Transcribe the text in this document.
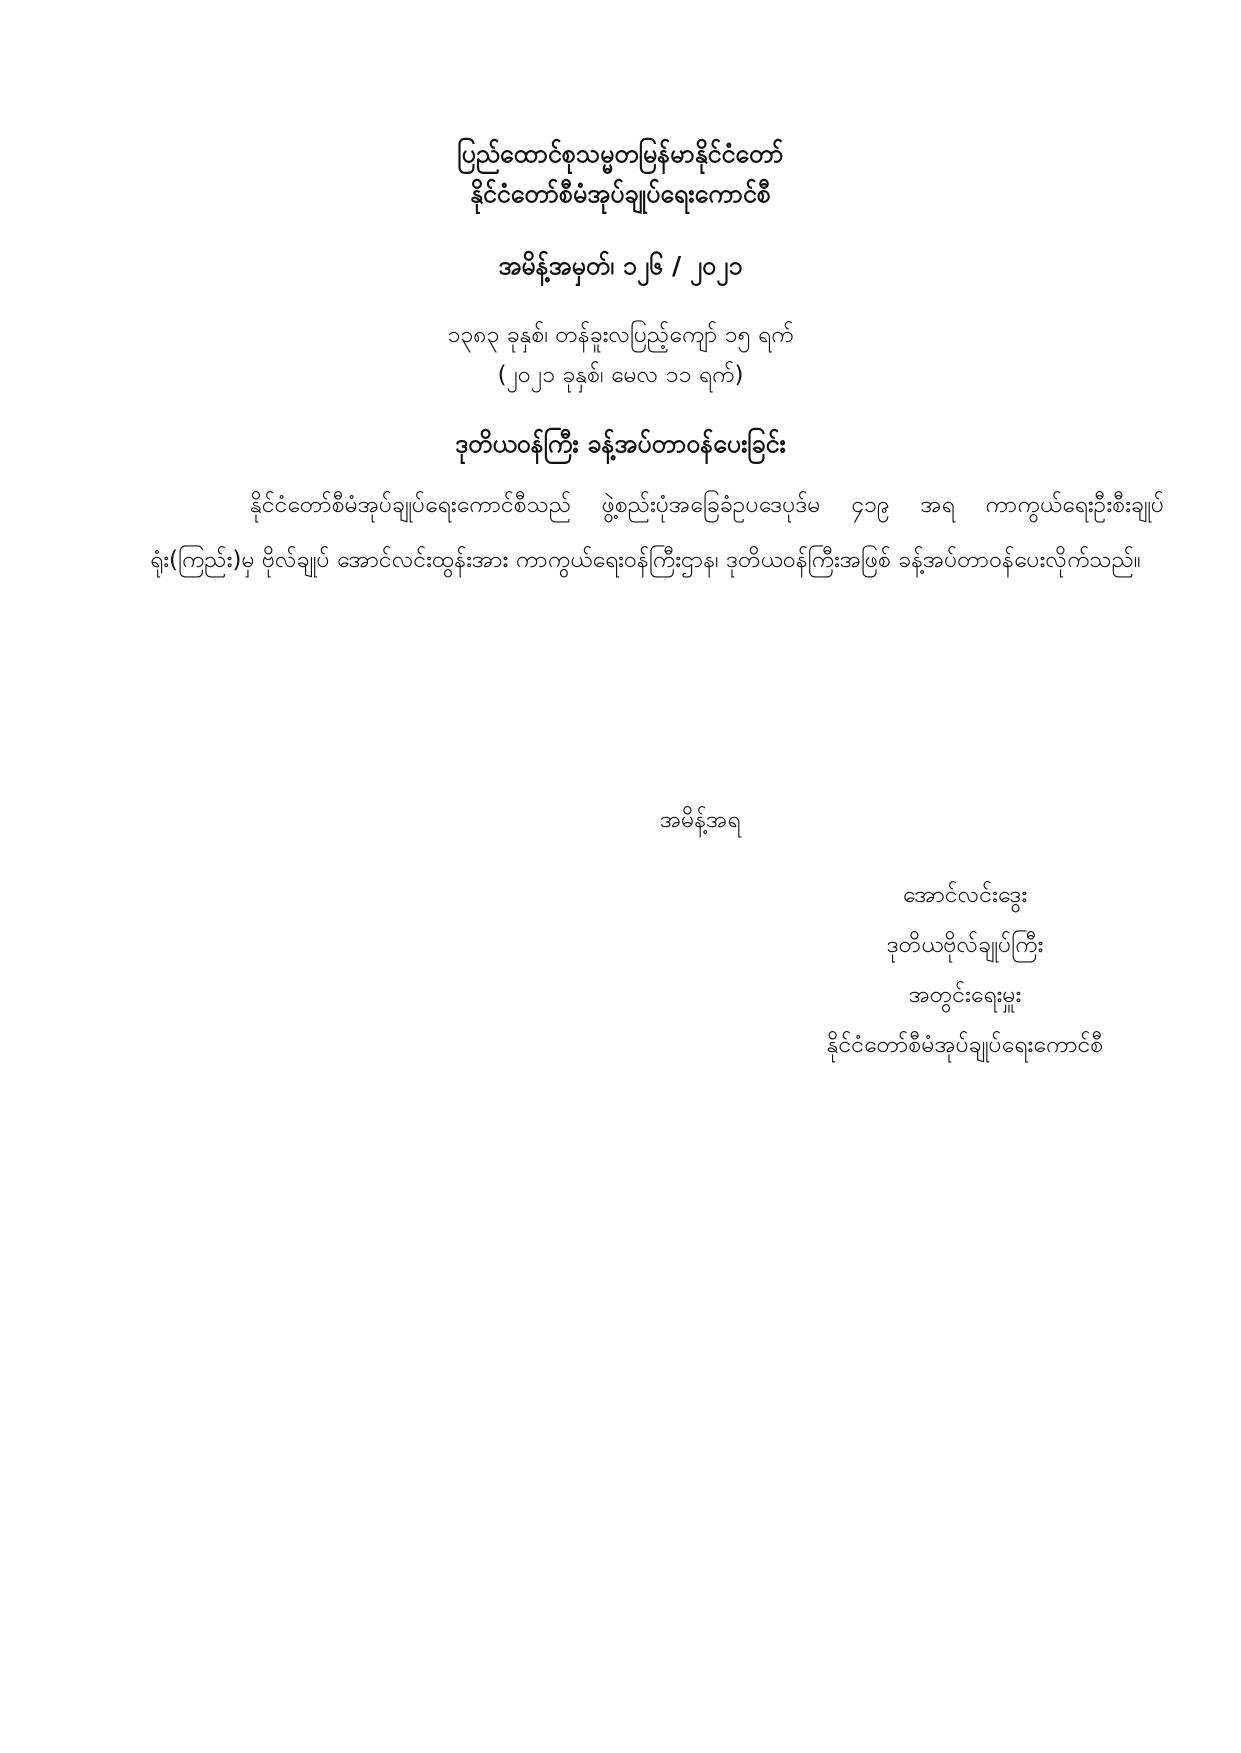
ပြည်ထောင်စုသမ္မတမြန်မာနိုင်ငံတော်
နိုင်ငံတော်စီမံအုပ်ချုပ်ရေးကောင်စီ
အမိန့်အမှတ်၊ ၁၂၆ / ၂၀၂၁
၁၃၈၃ ခုနှစ်၊ တန်ခူးလပြည့်ကျော် ၁၅ ရက်
(၂၀၂၁ ခုနှစ်၊ မေလ ၁၁ ရက်)
ဒုတိယဝန်ကြီး ခန့်အပ်တာဝန်ပေးခြင်း
နိုင်ငံတော်စီမံအုပ်ချုပ်ရေးကောင်စီသည် ဖွဲ့စည်းပုံအခြေခံဥပဒေပုဒ်မ ၄၁၉ အရ ကာကွယ်ရေးဦးစီးချုပ်ရုံး(ကြည်း)မှ ဗိုလ်ချုပ် အောင်လင်းထွန်းအား ကာကွယ်ရေးဝန်ကြီးဌာန၊ ဒုတိယဝန်ကြီးအဖြစ် ခန့်အပ်တာဝန်ပေးလိုက်သည်။
အမိန့်အရ
အောင်လင်းဒွေး
ဒုတိယဗိုလ်ချုပ်ကြီး
အတွင်းရေးမှူး
နိုင်ငံတော်စီမံအုပ်ချုပ်ရေးကောင်စီ
